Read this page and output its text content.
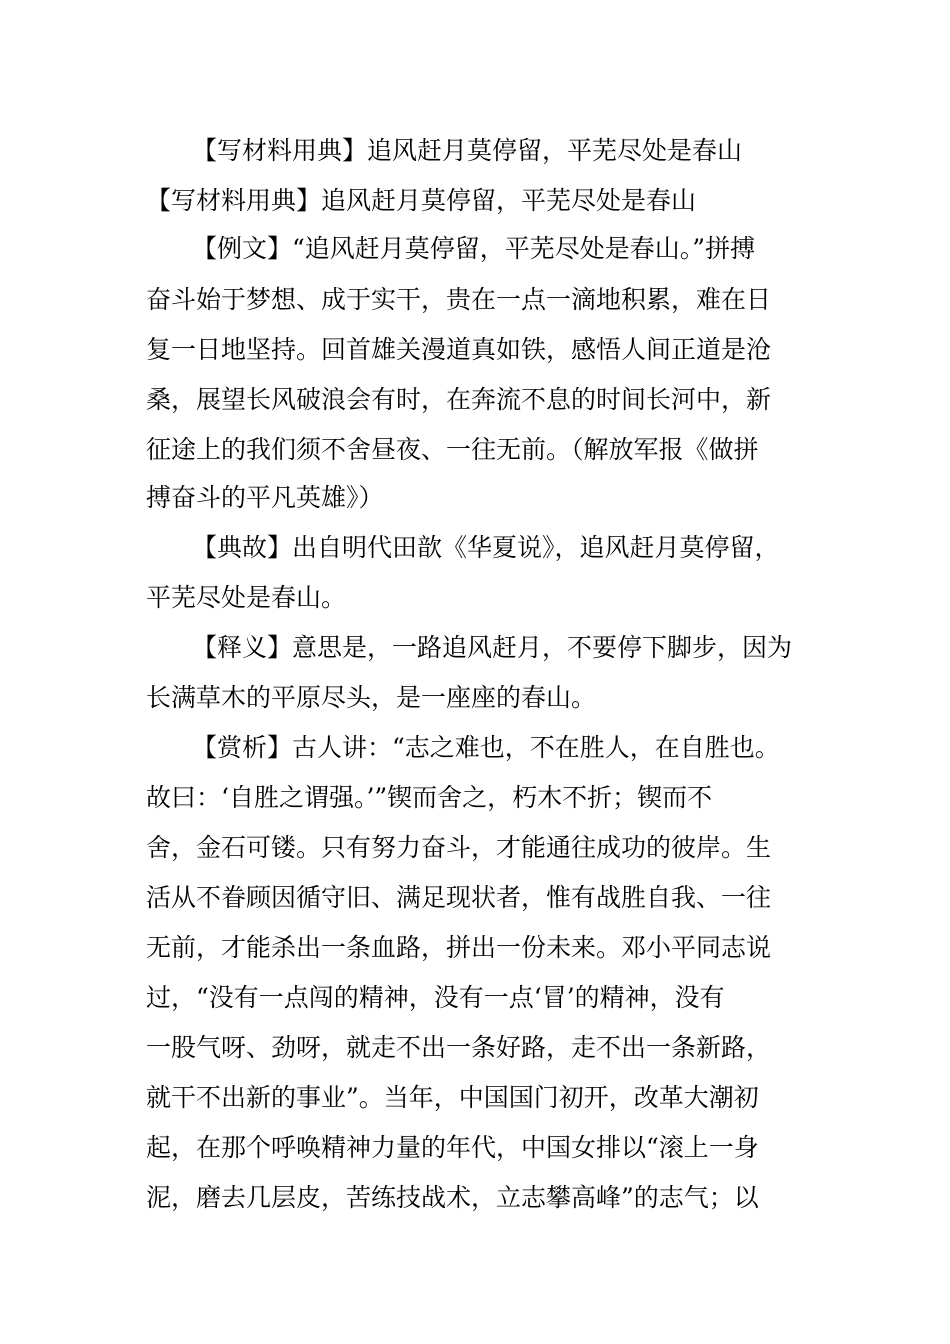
【写材料用典】追风赶月莫停留，平芜尽处是春山
【写材料用典】追风赶月莫停留，平芜尽处是春山
【例文】“追风赶月莫停留，平芜尽处是春山。”拼搏
奋斗始于梦想、成于实干，贵在一点一滴地积累，难在日
复一日地坚持。回首雄关漫道真如铁，感悟人间正道是沧
桑，展望长风破浪会有时，在奔流不息的时间长河中，新
征途上的我们须不舍昼夜、一往无前。（解放军报《做拼
搏奋斗的平凡英雄》）
【典故】出自明代田歆《华夏说》，追风赶月莫停留，
平芜尽处是春山。
【释义】意思是，一路追风赶月，不要停下脚步，因为
长满草木的平原尽头，是一座座的春山。
【赏析】古人讲：“志之难也，不在胜人，在自胜也。
故曰：‘自胜之谓强。’”锲而舍之，朽木不折；锲而不
舍，金石可镂。只有努力奋斗，才能通往成功的彼岸。生
活从不眷顾因循守旧、满足现状者，惟有战胜自我、一往
无前，才能杀出一条血路，拼出一份未来。邓小平同志说
过，“没有一点闯的精神，没有一点‘冒’的精神，没有
一股气呀、劲呀，就走不出一条好路，走不出一条新路，
就干不出新的事业”。当年，中国国门初开，改革大潮初
起，在那个呼唤精神力量的年代，中国女排以“滚上一身
泥，磨去几层皮，苦练技战术，立志攀高峰”的志气；以
